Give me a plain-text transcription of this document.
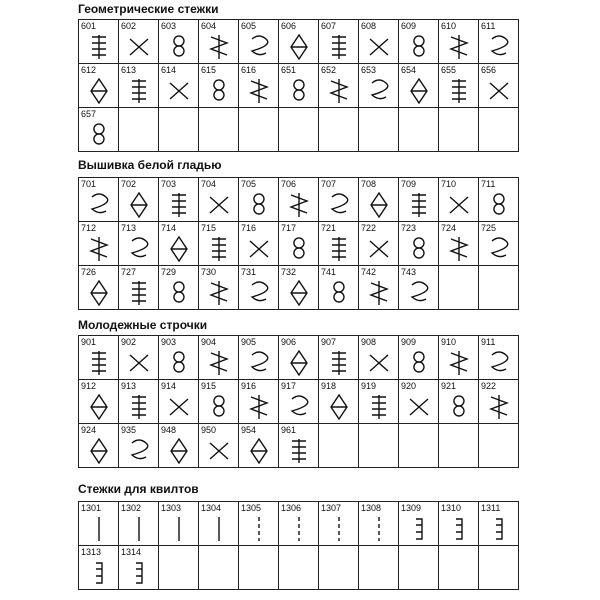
Геометрические стежки
601	602	603	604	605	606	607	608	609	610	611
612	613	614	615	616	651	652	653	654	655	656
657
Вышивка белой гладью
701	702	703	704	705	706	707	708	709	710	711
712	713	714	715	716	717	721	722	723	724	725
726	727	729	730	731	732	741	742	743
Молодежные строчки
901	902	903	904	905	906	907	908	909	910	911
912	913	914	915	916	917	918	919	920	921	922
924	935	948	950	954	961
Стежки для квилтов
1301 1302 1303 1304 1305 1306 1307 1308 1309 1310 1311
1313 1314
